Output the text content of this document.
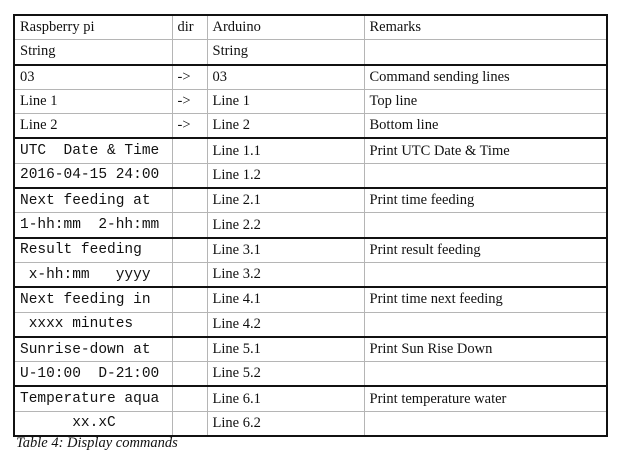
Raspberry pi	dir	Arduino	Remarks
String		String	
03	->	03	Command sending lines
Line 1	->	Line 1	Top line
Line 2	->	Line 2	Bottom line
UTC  Date & Time		Line 1.1	Print UTC Date & Time
2016-04-15 24:00		Line 1.2	
Next feeding at		Line 2.1	Print time feeding
1-hh:mm  2-hh:mm		Line 2.2	
Result feeding		Line 3.1	Print result feeding
x-hh:mm   yyyy		Line 3.2	
Next feeding in		Line 4.1	Print time next feeding
xxxx minutes		Line 4.2	
Sunrise-down at		Line 5.1	Print Sun Rise Down
U-10:00  D-21:00		Line 5.2	
Temperature aqua		Line 6.1	Print temperature water
xx.xC		Line 6.2	
Table 4: Display commands
